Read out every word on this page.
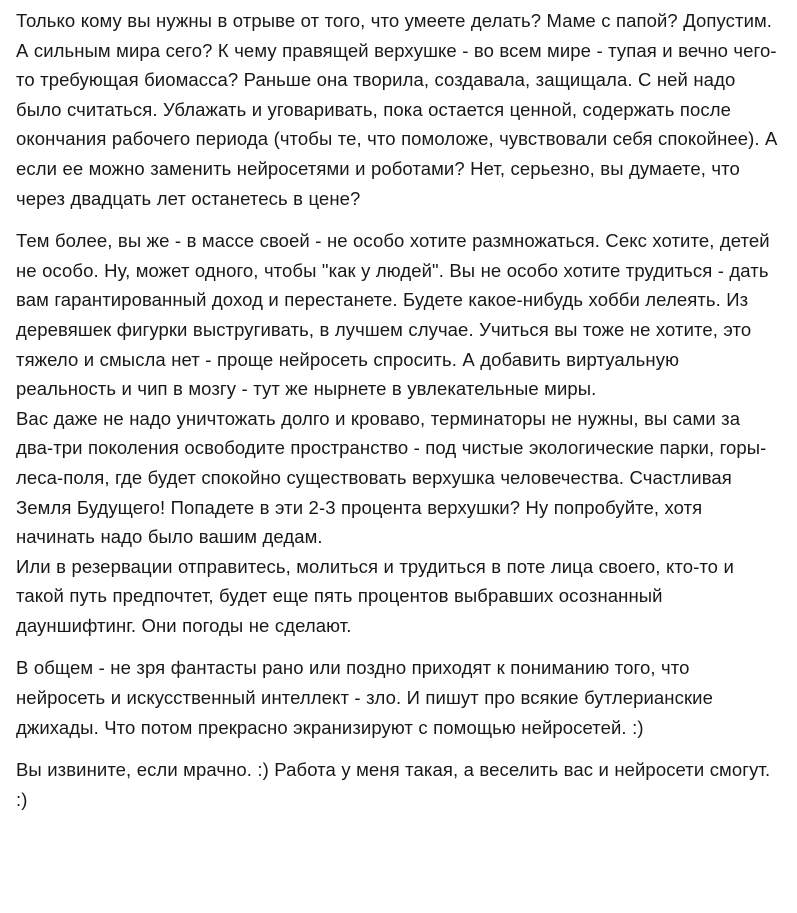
Только кому вы нужны в отрыве от того, что умеете делать? Маме с папой? Допустим. А сильным мира сего? К чему правящей верхушке - во всем мире - тупая и вечно чего-то требующая биомасса? Раньше она творила, создавала, защищала. С ней надо было считаться. Ублажать и уговаривать, пока остается ценной, содержать после окончания рабочего периода (чтобы те, что помоложе, чувствовали себя спокойнее). А если ее можно заменить нейросетями и роботами? Нет, серьезно, вы думаете, что через двадцать лет останетесь в цене?

Тем более, вы же - в массе своей - не особо хотите размножаться. Секс хотите, детей не особо. Ну, может одного, чтобы "как у людей". Вы не особо хотите трудиться - дать вам гарантированный доход и перестанете. Будете какое-нибудь хобби лелеять. Из деревяшек фигурки выстругивать, в лучшем случае. Учиться вы тоже не хотите, это тяжело и смысла нет - проще нейросеть спросить. А добавить виртуальную реальность и чип в мозгу - тут же нырнете в увлекательные миры.
Вас даже не надо уничтожать долго и кроваво, терминаторы не нужны, вы сами за два-три поколения освободите пространство - под чистые экологические парки, горы-леса-поля, где будет спокойно существовать верхушка человечества. Счастливая Земля Будущего! Попадете в эти 2-3 процента верхушки? Ну попробуйте, хотя начинать надо было вашим дедам.
Или в резервации отправитесь, молиться и трудиться в поте лица своего, кто-то и такой путь предпочтет, будет еще пять процентов выбравших осознанный дауншифтинг. Они погоды не сделают.

В общем - не зря фантасты рано или поздно приходят к пониманию того, что нейросеть и искусственный интеллект - зло. И пишут про всякие бутлерианские джихады. Что потом прекрасно экранизируют с помощью нейросетей. :)

Вы извините, если мрачно. :) Работа у меня такая, а веселить вас и нейросети смогут. :)
